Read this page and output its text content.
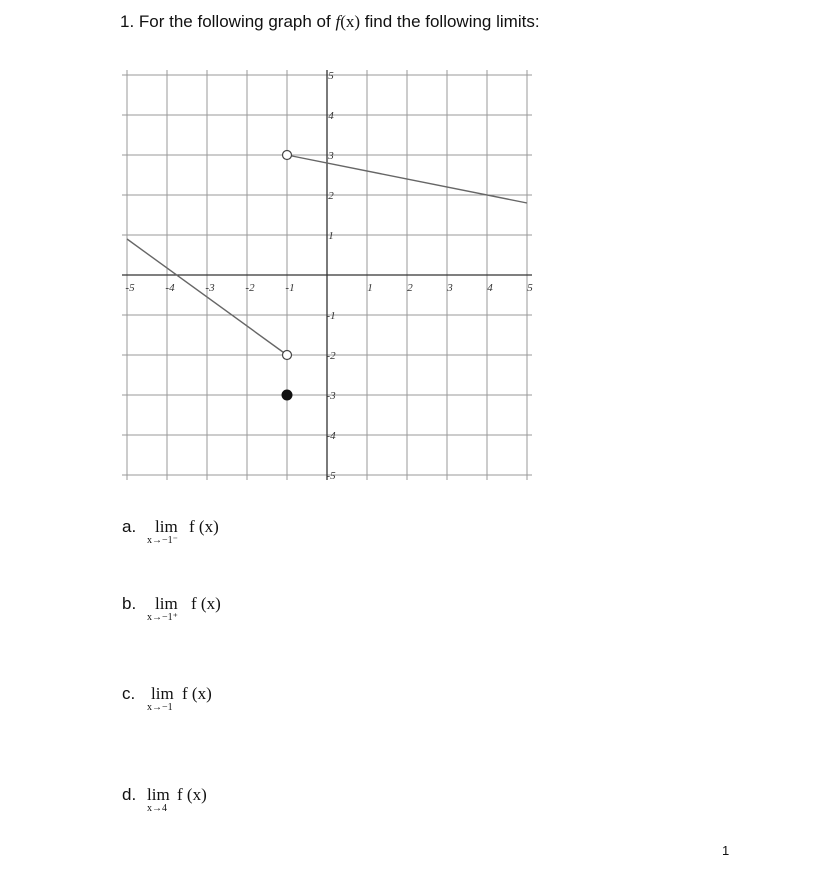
1. For the following graph of f(x) find the following limits:
-5	-4	-3	-2	-1	1	2	3	4	5
5
4
3
2
1
-1
-2
-3
-4
-5
a. lim
x→−1⁻
f (x)
b. lim
x→−1⁺
f (x)
c. lim
x→−1
f (x)
d. lim
x→4
f (x)
1
